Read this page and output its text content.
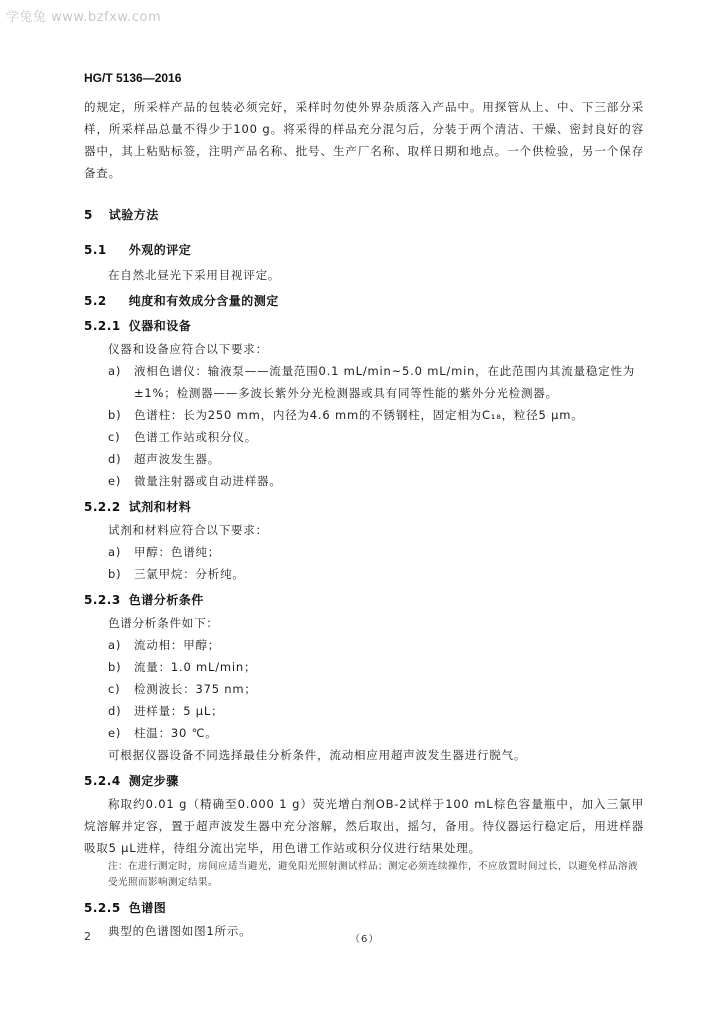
学兔兔 www.bzfxw.com
HG/T 5136—2016

的规定，所采样产品的包装必须完好，采样时勿使外界杂质落入产品中。用探管从上、中、下三部分采样，所采样品总量不得少于100 g。将采得的样品充分混匀后，分装于两个清洁、干燥、密封良好的容器中，其上粘贴标签，注明产品名称、批号、生产厂名称、取样日期和地点。一个供检验，另一个保存备查。

5 试验方法
5.1 外观的评定

在自然北昼光下采用目视评定。

5.2 纯度和有效成分含量的测定
5.2.1 仪器和设备

仪器和设备应符合以下要求：

a)	液相色谱仪：输液泵——流量范围0.1 mL/min~5.0 mL/min，在此范围内其流量稳定性为±1%；检测器——多波长紫外分光检测器或具有同等性能的紫外分光检测器。
b)	色谱柱：长为250 mm，内径为4.6 mm的不锈钢柱，固定相为C₁₈，粒径5 μm。
c)	色谱工作站或积分仪。
d)	超声波发生器。
e)	微量注射器或自动进样器。
5.2.2 试剂和材料

试剂和材料应符合以下要求：

a)	甲醇：色谱纯；
b)	三氯甲烷：分析纯。
5.2.3 色谱分析条件

色谱分析条件如下：

a)	流动相：甲醇；
b)	流量：1.0 mL/min；
c)	检测波长：375 nm；
d)	进样量：5 μL；
e)	柱温：30 ℃。

可根据仪器设备不同选择最佳分析条件，流动相应用超声波发生器进行脱气。

5.2.4 测定步骤

称取约0.01 g（精确至0.000 1 g）荧光增白剂OB-2试样于100 mL棕色容量瓶中，加入三氯甲烷溶解并定容，置于超声波发生器中充分溶解，然后取出，摇匀，备用。待仪器运行稳定后，用进样器吸取5 μL进样，待组分流出完毕，用色谱工作站或积分仪进行结果处理。

注：在进行测定时，房间应适当避光，避免阳光照射测试样品；测定必须连续操作，不应放置时间过长，以避免样品溶液受光照而影响测定结果。

5.2.5 色谱图

典型的色谱图如图1所示。

2	（6）
